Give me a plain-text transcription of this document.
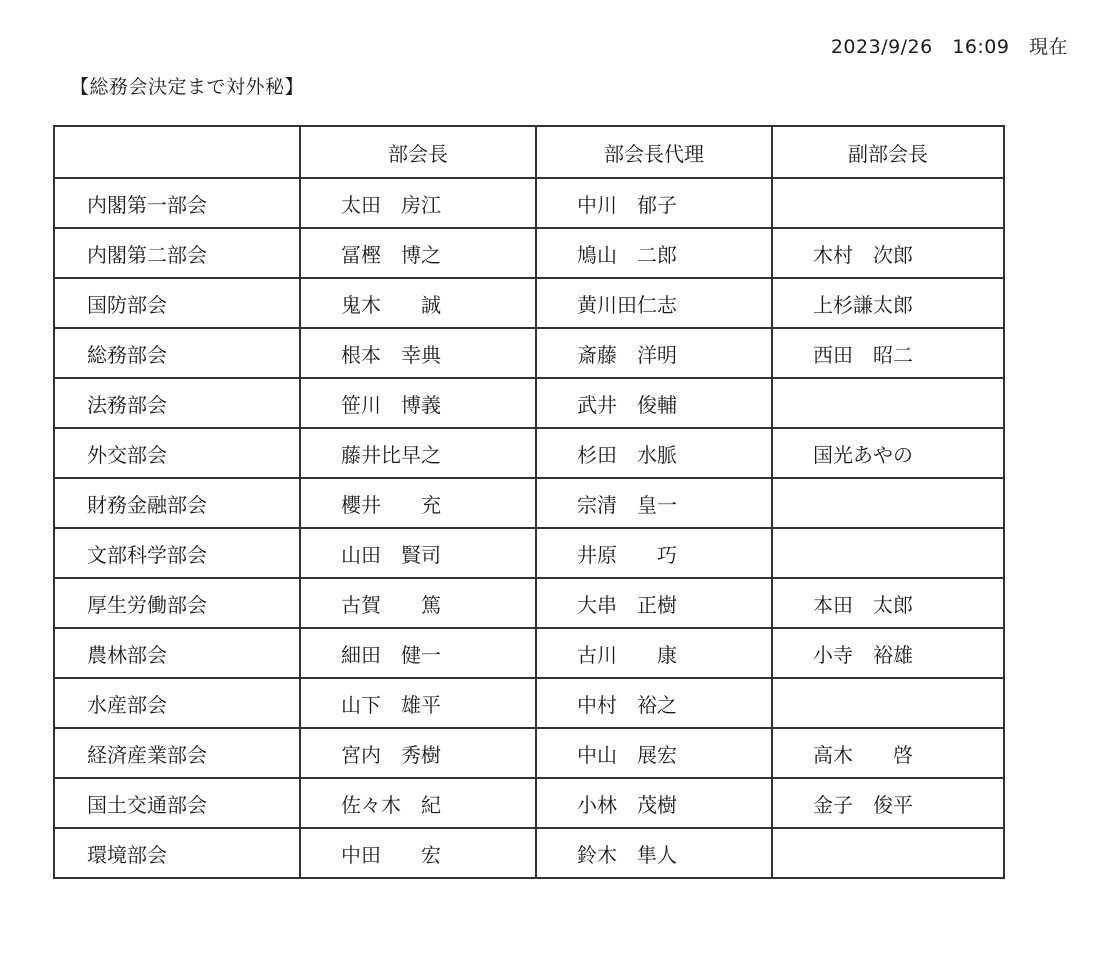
2023/9/26　16:09　現在
【総務会決定まで対外秘】
	部会長	部会長代理	副部会長
内閣第一部会	太田　房江	中川　郁子	
内閣第二部会	冨樫　博之	鳩山　二郎	木村　次郎
国防部会	鬼木　　誠	黄川田仁志	上杉謙太郎
総務部会	根本　幸典	斎藤　洋明	西田　昭二
法務部会	笹川　博義	武井　俊輔	
外交部会	藤井比早之	杉田　水脈	国光あやの
財務金融部会	櫻井　　充	宗清　皇一	
文部科学部会	山田　賢司	井原　　巧	
厚生労働部会	古賀　　篤	大串　正樹	本田　太郎
農林部会	細田　健一	古川　　康	小寺　裕雄
水産部会	山下　雄平	中村　裕之	
経済産業部会	宮内　秀樹	中山　展宏	高木　　啓
国土交通部会	佐々木　紀	小林　茂樹	金子　俊平
環境部会	中田　　宏	鈴木　隼人	
